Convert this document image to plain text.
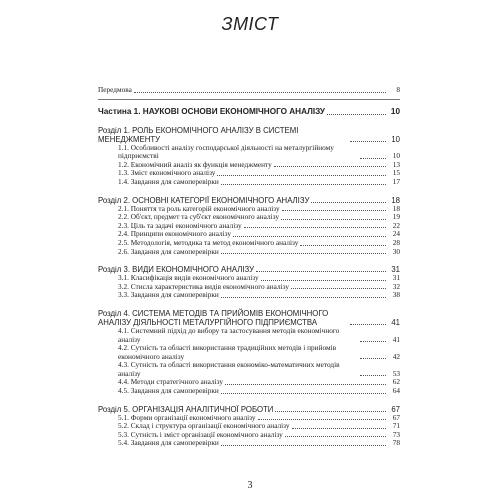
ЗМІСТ
Передмова	8
Частина 1. НАУКОВІ ОСНОВИ ЕКОНОМІЧНОГО АНАЛІЗУ	10
Розділ 1. РОЛЬ ЕКОНОМІЧНОГО АНАЛІЗУ В СИСТЕМІ МЕНЕДЖМЕНТУ	10
1.1. Особливості аналізу господарської діяльності на металургійному підприємстві	10
1.2. Економічний аналіз як функція менеджменту	13
1.3. Зміст економічного аналізу	15
1.4. Завдання для самоперевірки	17
Розділ 2. ОСНОВНІ КАТЕГОРІЇ ЕКОНОМІЧНОГО АНАЛІЗУ	18
2.1. Поняття та роль категорій економічного аналізу	18
2.2. Об'єкт, предмет та суб'єкт економічного аналізу	19
2.3. Ціль та задачі економічного аналізу	22
2.4. Принципи економічного аналізу	24
2.5. Методологія, методика та метод економічного аналізу	28
2.6. Завдання для самоперевірки	30
Розділ 3. ВИДИ ЕКОНОМІЧНОГО АНАЛІЗУ	31
3.1. Класифікація видів економічного аналізу	31
3.2. Стисла характеристика видів економічного аналізу	32
3.3. Завдання для самоперевірки	38
Розділ 4. СИСТЕМА МЕТОДІВ ТА ПРИЙОМІВ ЕКОНОМІЧНОГО АНАЛІЗУ ДІЯЛЬНОСТІ МЕТАЛУРГІЙНОГО ПІДПРИЄМСТВА	41
4.1. Системний підхід до вибору та застосування методів економічного аналізу	41
4.2. Сутність та області використання традиційних методів і прийомів економічного аналізу	42
4.3. Сутність та області використання економіко-математичних методів аналізу	53
4.4. Методи стратегічного аналізу	62
4.5. Завдання для самоперевірки	64
Розділ 5. ОРГАНІЗАЦІЯ АНАЛІТИЧНОЇ РОБОТИ	67
5.1. Форми організації економічного аналізу	67
5.2. Склад і структура організації економічного аналізу	71
5.3. Сутність і зміст організації економічного аналізу	73
5.4. Завдання для самоперевірки	78
3
